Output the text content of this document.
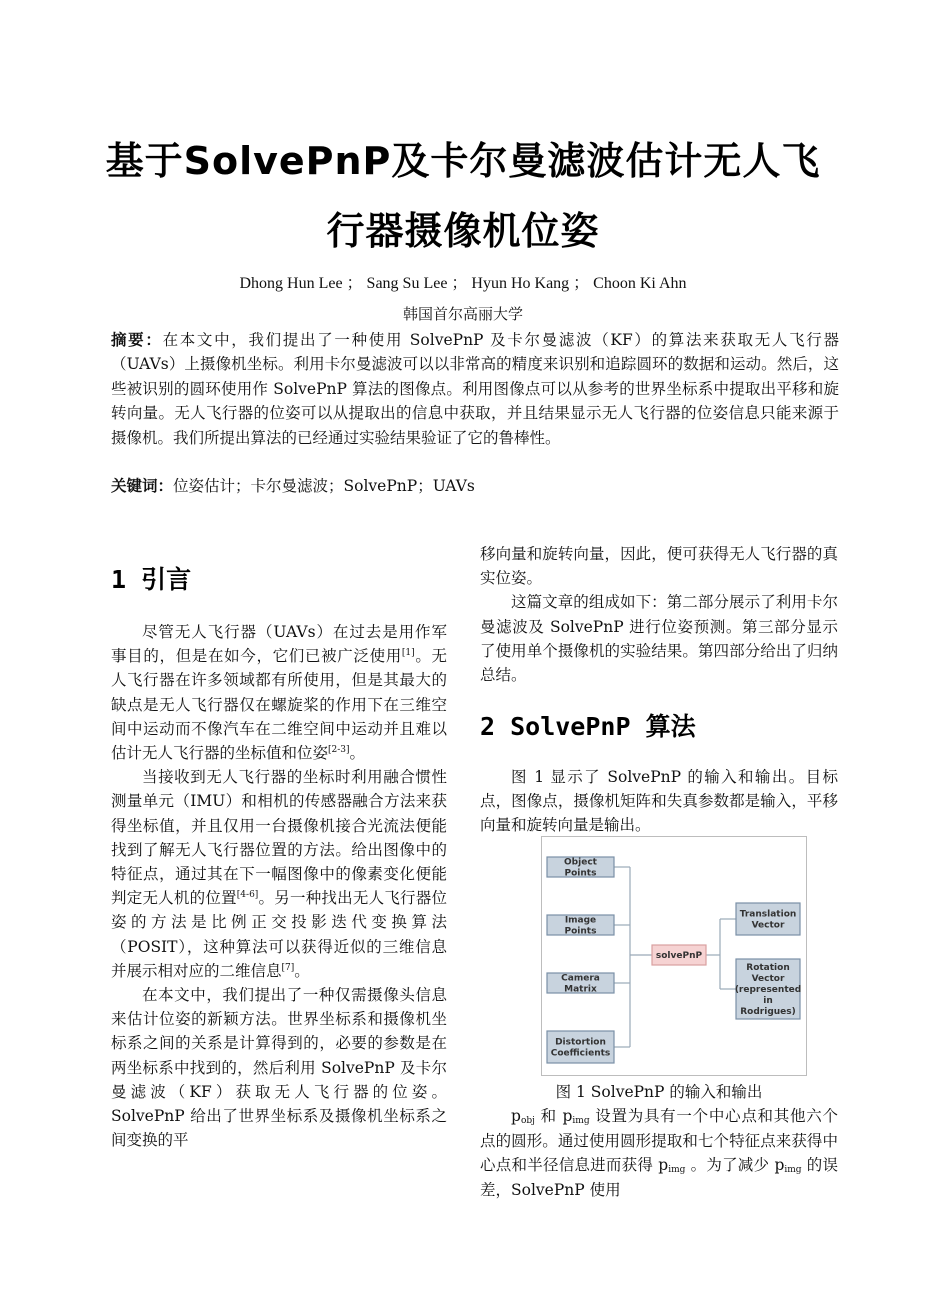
基于SolvePnP及卡尔曼滤波估计无人飞
行器摄像机位姿
Dhong Hun Lee ； Sang Su Lee ； Hyun Ho Kang ； Choon Ki Ahn
韩国首尔高丽大学
摘要：在本文中，我们提出了一种使用 SolvePnP 及卡尔曼滤波（KF）的算法来获取无人飞行器（UAVs）上摄像机坐标。利用卡尔曼滤波可以以非常高的精度来识别和追踪圆环的数据和运动。然后，这些被识别的圆环使用作 SolvePnP 算法的图像点。利用图像点可以从参考的世界坐标系中提取出平移和旋转向量。无人飞行器的位姿可以从提取出的信息中获取，并且结果显示无人飞行器的位姿信息只能来源于摄像机。我们所提出算法的已经通过实验结果验证了它的鲁棒性。
关键词：位姿估计；卡尔曼滤波；SolvePnP；UAVs
1 引言

尽管无人飞行器（UAVs）在过去是用作军事目的，但是在如今，它们已被广泛使用[1]。无人飞行器在许多领域都有所使用，但是其最大的缺点是无人飞行器仅在螺旋桨的作用下在三维空间中运动而不像汽车在二维空间中运动并且难以估计无人飞行器的坐标值和位姿[2-3]。

当接收到无人飞行器的坐标时利用融合惯性测量单元（IMU）和相机的传感器融合方法来获得坐标值，并且仅用一台摄像机接合光流法便能找到了解无人飞行器位置的方法。给出图像中的特征点，通过其在下一幅图像中的像素变化便能判定无人机的位置[4-6]。另一种找出无人飞行器位姿的方法是比例正交投影迭代变换算法（POSIT），这种算法可以获得近似的三维信息并展示相对应的二维信息[7]。

在本文中，我们提出了一种仅需摄像头信息来估计位姿的新颖方法。世界坐标系和摄像机坐标系之间的关系是计算得到的，必要的参数是在两坐标系中找到的，然后利用 SolvePnP 及卡尔曼滤波（KF）获取无人飞行器的位姿。SolvePnP 给出了世界坐标系及摄像机坐标系之间变换的平

移向量和旋转向量，因此，便可获得无人飞行器的真实位姿。

这篇文章的组成如下：第二部分展示了利用卡尔曼滤波及 SolvePnP 进行位姿预测。第三部分显示了使用单个摄像机的实验结果。第四部分给出了归纳总结。

2 SolvePnP 算法

图 1 显示了 SolvePnP 的输入和输出。目标点，图像点，摄像机矩阵和失真参数都是输入，平移向量和旋转向量是输出。

Object
Points
Image
Points
Camera
Matrix
Distortion
Coefficients
solvePnP
Translation
Vector
Rotation
Vector
(represented
in
Rodrigues)
图 1 SolvePnP 的输入和输出
$p_{obj}$ 和 $p_{img}$ 设置为具有一个中心点和其他六个点的圆形。通过使用圆形提取和七个特征点来获得中心点和半径信息进而获得 $p_{img}$ 。为了减少 $p_{img}$ 的误差，SolvePnP 使用
